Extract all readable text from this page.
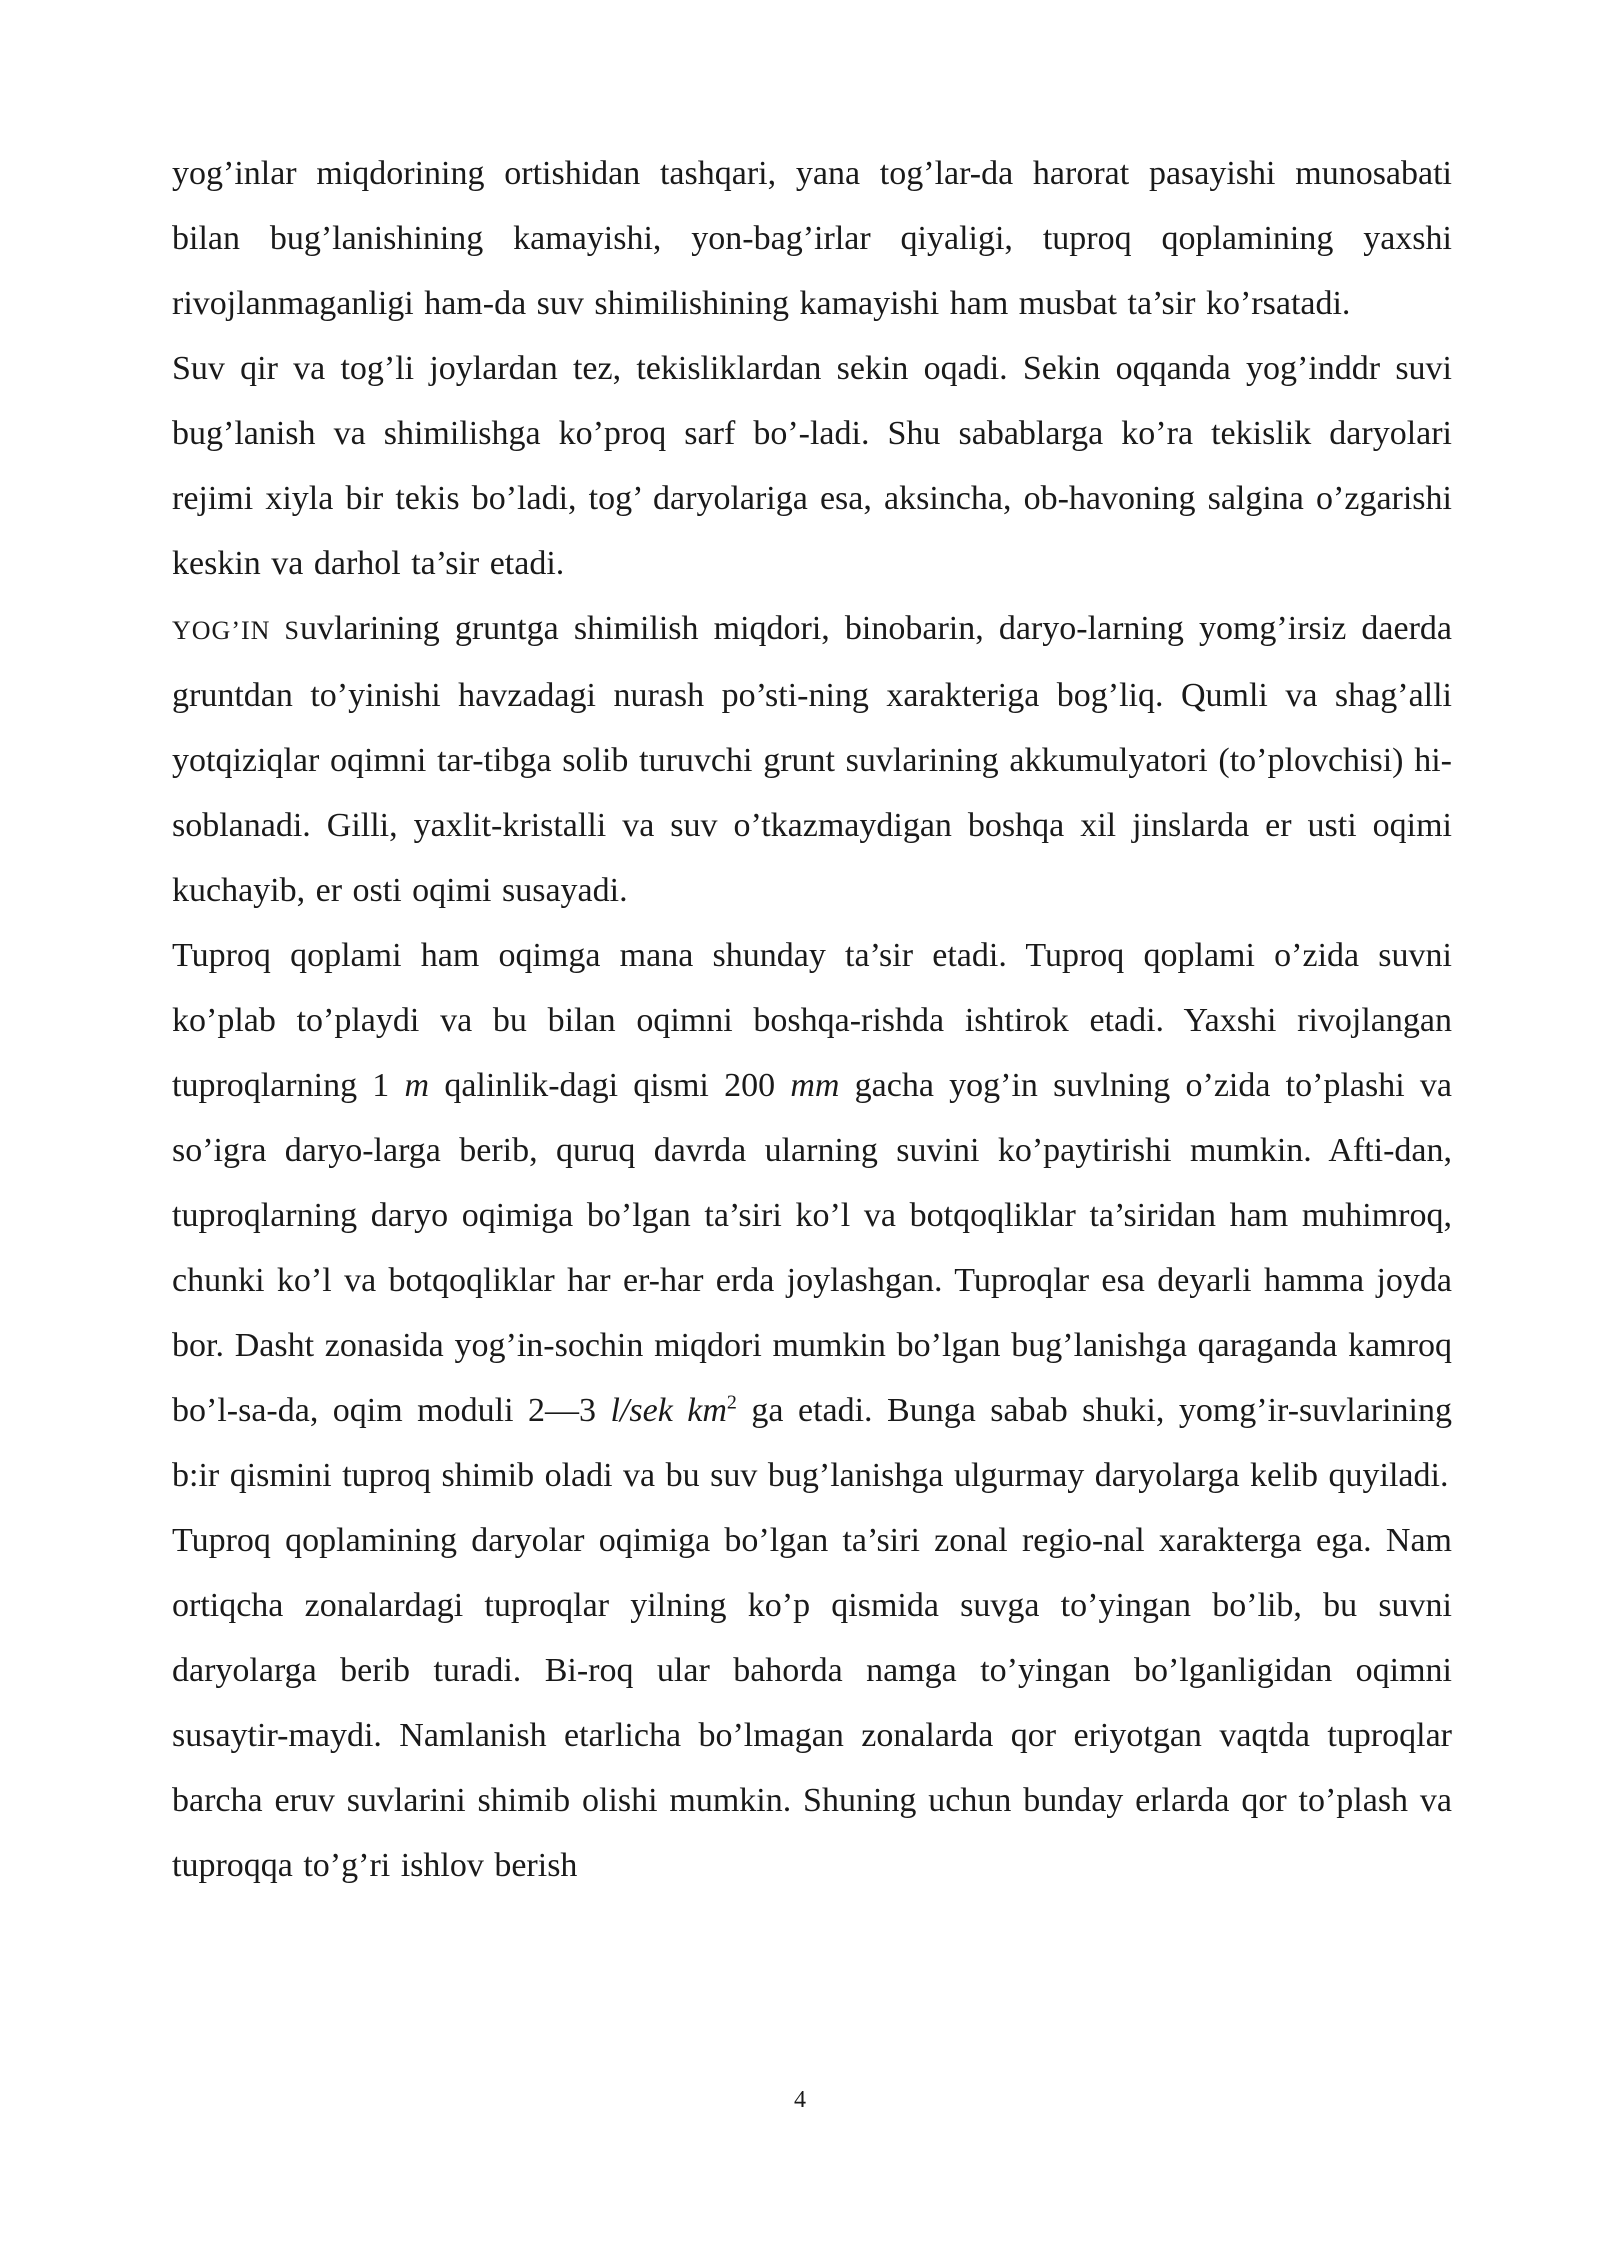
yog’inlar miqdorining ortishidan tashqari, yana tog’lar-da harorat pasayishi munosabati bilan bug’lanishining kamayishi, yon-bag’irlar qiyaligi, tuproq qoplamining yaxshi rivojlanmaganligi ham-da suv shimilishining kamayishi ham musbat ta’sir ko’rsatadi.

Suv qir va tog’li joylardan tez, tekisliklardan sekin oqadi. Sekin oqqanda yog’inddr suvi bug’lanish va shimilishga ko’proq sarf bo’-ladi. Shu sabablarga ko’ra tekislik daryolari rejimi xiyla bir tekis bo’ladi, tog’ daryolariga esa, aksincha, ob-havoning salgina o’zgarishi keskin va darhol ta’sir etadi.

YOG’IN Suvlarining gruntga shimilish miqdori, binobarin, daryo-larning yomg’irsiz daerda gruntdan to’yinishi havzadagi nurash po’sti-ning xarakteriga bog’liq. Qumli va shag’alli yotqiziqlar oqimni tar-tibga solib turuvchi grunt suvlarining akkumulyatori (to’plovchisi) hi-soblanadi. Gilli, yaxlit-kristalli va suv o’tkazmaydigan boshqa xil jinslarda er usti oqimi kuchayib, er osti oqimi susayadi.

Tuproq qoplami ham oqimga mana shunday ta’sir etadi. Tuproq qoplami o’zida suvni ko’plab to’playdi va bu bilan oqimni boshqa-rishda ishtirok etadi. Yaxshi rivojlangan tuproqlarning 1 m qalinlik-dagi qismi 200 mm gacha yog’in suvlning o’zida to’plashi va so’igra daryo-larga berib, quruq davrda ularning suvini ko’paytirishi mumkin. Afti-dan, tuproqlarning daryo oqimiga bo’lgan ta’siri ko’l va botqoqliklar ta’siridan ham muhimroq, chunki ko’l va botqoqliklar har er-har erda joylashgan. Tuproqlar esa deyarli hamma joyda bor. Dasht zonasida yog’in-sochin miqdori mumkin bo’lgan bug’lanishga qaraganda kamroq bo’l-sa-da, oqim moduli 2—3 l/sek $km^2$ ga etadi. Bunga sabab shuki, yomg’ir-suvlarining b:ir qismini tuproq shimib oladi va bu suv bug’lanishga ulgurmay daryolarga kelib quyiladi.

Tuproq qoplamining daryolar oqimiga bo’lgan ta’siri zonal regio-nal xarakterga ega. Nam ortiqcha zonalardagi tuproqlar yilning ko’p qismida suvga to’yingan bo’lib, bu suvni daryolarga berib turadi. Bi-roq ular bahorda namga to’yingan bo’lganligidan oqimni susaytir-maydi. Namlanish etarlicha bo’lmagan zonalarda qor eriyotgan vaqtda tuproqlar barcha eruv suvlarini shimib olishi mumkin. Shuning uchun bunday erlarda qor to’plash va tuproqqa to’g’ri ishlov berish

4
